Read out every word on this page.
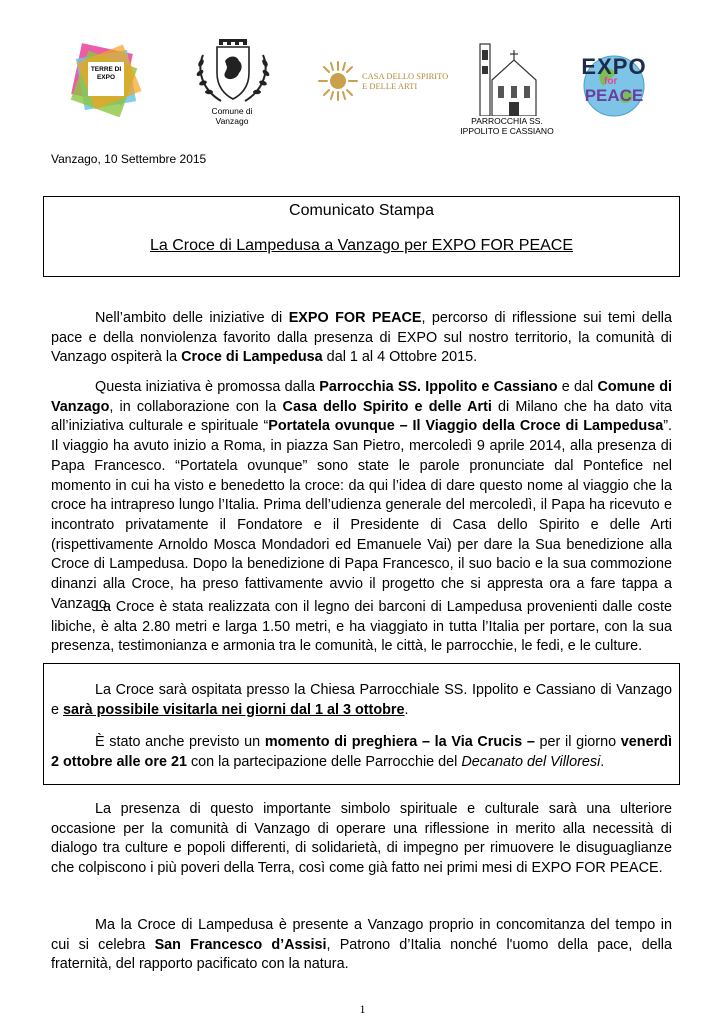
TERRE DI EXPO
Comune di Vanzago
CASA DELLO SPIRITO E DELLE ARTI
PARROCCHIA SS. IPPOLITO E CASSIANO
EXPO
for
PEACE
Vanzago, 10 Settembre 2015
Comunicato Stampa
La Croce di Lampedusa a Vanzago per EXPO FOR PEACE
Nell’ambito delle iniziative di EXPO FOR PEACE, percorso di riflessione sui temi della pace e della nonviolenza favorito dalla presenza di EXPO sul nostro territorio, la comunità di Vanzago ospiterà la Croce di Lampedusa dal 1 al 4 Ottobre 2015.
Questa iniziativa è promossa dalla Parrocchia SS. Ippolito e Cassiano e dal Comune di Vanzago, in collaborazione con la Casa dello Spirito e delle Arti di Milano che ha dato vita all’iniziativa culturale e spirituale “Portatela ovunque – Il Viaggio della Croce di Lampedusa”. Il viaggio ha avuto inizio a Roma, in piazza San Pietro, mercoledì 9 aprile 2014, alla presenza di Papa Francesco. “Portatela ovunque” sono state le parole pronunciate dal Pontefice nel momento in cui ha visto e benedetto la croce: da qui l’idea di dare questo nome al viaggio che la croce ha intrapreso lungo l’Italia. Prima dell’udienza generale del mercoledì, il Papa ha ricevuto e incontrato privatamente il Fondatore e il Presidente di Casa dello Spirito e delle Arti (rispettivamente Arnoldo Mosca Mondadori ed Emanuele Vai) per dare la Sua benedizione alla Croce di Lampedusa. Dopo la benedizione di Papa Francesco, il suo bacio e la sua commozione dinanzi alla Croce, ha preso fattivamente avvio il progetto che si appresta ora a fare tappa a Vanzago.
La Croce è stata realizzata con il legno dei barconi di Lampedusa provenienti dalle coste libiche, è alta 2.80 metri e larga 1.50 metri, e ha viaggiato in tutta l’Italia per portare, con la sua presenza, testimonianza e armonia tra le comunità, le città, le parrocchie, le fedi, e le culture.
La Croce sarà ospitata presso la Chiesa Parrocchiale SS. Ippolito e Cassiano di Vanzago e sarà possibile visitarla nei giorni dal 1 al 3 ottobre.
È stato anche previsto un momento di preghiera – la Via Crucis – per il giorno venerdì 2 ottobre alle ore 21 con la partecipazione delle Parrocchie del Decanato del Villoresi.
La presenza di questo importante simbolo spirituale e culturale sarà una ulteriore occasione per la comunità di Vanzago di operare una riflessione in merito alla necessità di dialogo tra culture e popoli differenti, di solidarietà, di impegno per rimuovere le disuguaglianze che colpiscono i più poveri della Terra, così come già fatto nei primi mesi di EXPO FOR PEACE.
Ma la Croce di Lampedusa è presente a Vanzago proprio in concomitanza del tempo in cui si celebra San Francesco d’Assisi, Patrono d’Italia nonché l'uomo della pace, della fraternità, del rapporto pacificato con la natura.
1
